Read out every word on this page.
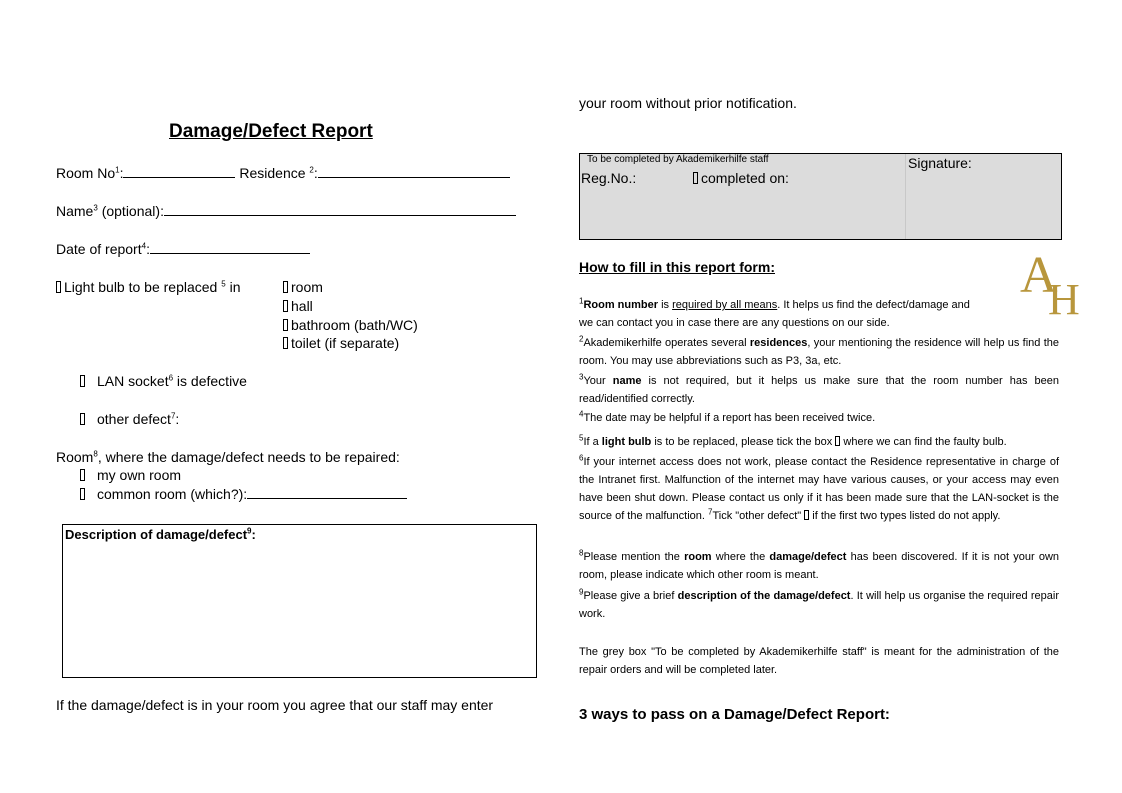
Damage/Defect Report
Room No$^1$:	Residence $^2$:
Name$^3$ (optional):
Date of report$^4$:
Light bulb to be replaced $^5$ in	room
hall
bathroom (bath/WC)
toilet (if separate)
LAN socket$^6$ is defective
other defect$^7$:
Room$^8$, where the damage/defect needs to be repaired:
my own room
common room (which?):
Description of damage/defect$^9$:
If the damage/defect is in your room you agree that our staff may enter
your room without prior notification.
To be completed by Akademikerhilfe staff
Reg.No.:	completed on:
Signature:
How to fill in this report form:	A
H
$^1$Room number is required by all means. It helps us find the defect/damage and
we can contact you in case there are any questions on our side.
$^2$Akademikerhilfe operates several residences, your mentioning the residence will help us find the room. You may use abbreviations such as P3, 3a, etc.
$^3$Your name is not required, but it helps us make sure that the room number has been read/identified correctly.
$^4$The date may be helpful if a report has been received twice.
$^5$If a light bulb is to be replaced, please tick the box  where we can find the faulty bulb.
$^6$If your internet access does not work, please contact the Residence representative in charge of the Intranet first. Malfunction of the internet may have various causes, or your access may even have been shut down. Please contact us only if it has been made sure that the LAN-socket is the source of the malfunction. $^7$Tick "other defect"  if the first two types listed do not apply.
$^8$Please mention the room where the damage/defect has been discovered. If it is not your own room, please indicate which other room is meant.
$^9$Please give a brief description of the damage/defect. It will help us organise the required repair work.
The grey box "To be completed by Akademikerhilfe staff" is meant for the administration of the repair orders and will be completed later.
3 ways to pass on a Damage/Defect Report:
